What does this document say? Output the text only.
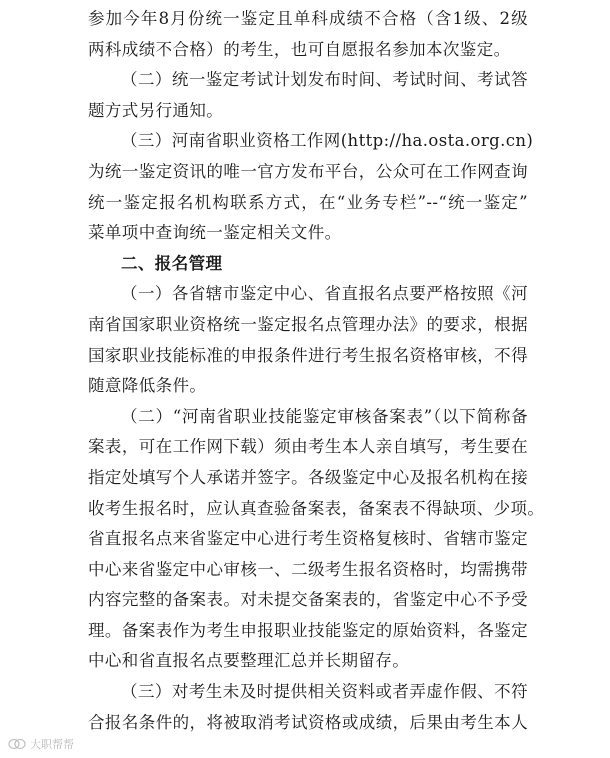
参加今年8月份统一鉴定且单科成绩不合格（含1级、2级
两科成绩不合格）的考生，也可自愿报名参加本次鉴定。
（二）统一鉴定考试计划发布时间、考试时间、考试答
题方式另行通知。
（三）河南省职业资格工作网(http://ha.osta.org.cn)
为统一鉴定资讯的唯一官方发布平台，公众可在工作网查询
统一鉴定报名机构联系方式，在“业务专栏”--“统一鉴定”
菜单项中查询统一鉴定相关文件。
二、报名管理
（一）各省辖市鉴定中心、省直报名点要严格按照《河
南省国家职业资格统一鉴定报名点管理办法》的要求，根据
国家职业技能标准的申报条件进行考生报名资格审核，不得
随意降低条件。
（二）“河南省职业技能鉴定审核备案表”（以下简称备
案表，可在工作网下载）须由考生本人亲自填写，考生要在
指定处填写个人承诺并签字。各级鉴定中心及报名机构在接
收考生报名时，应认真查验备案表，备案表不得缺项、少项。
省直报名点来省鉴定中心进行考生资格复核时、省辖市鉴定
中心来省鉴定中心审核一、二级考生报名资格时，均需携带
内容完整的备案表。对未提交备案表的，省鉴定中心不予受
理。备案表作为考生申报职业技能鉴定的原始资料，各鉴定
中心和省直报名点要整理汇总并长期留存。
（三）对考生未及时提供相关资料或者弄虚作假、不符
合报名条件的，将被取消考试资格或成绩，后果由考生本人
大职帮帮
